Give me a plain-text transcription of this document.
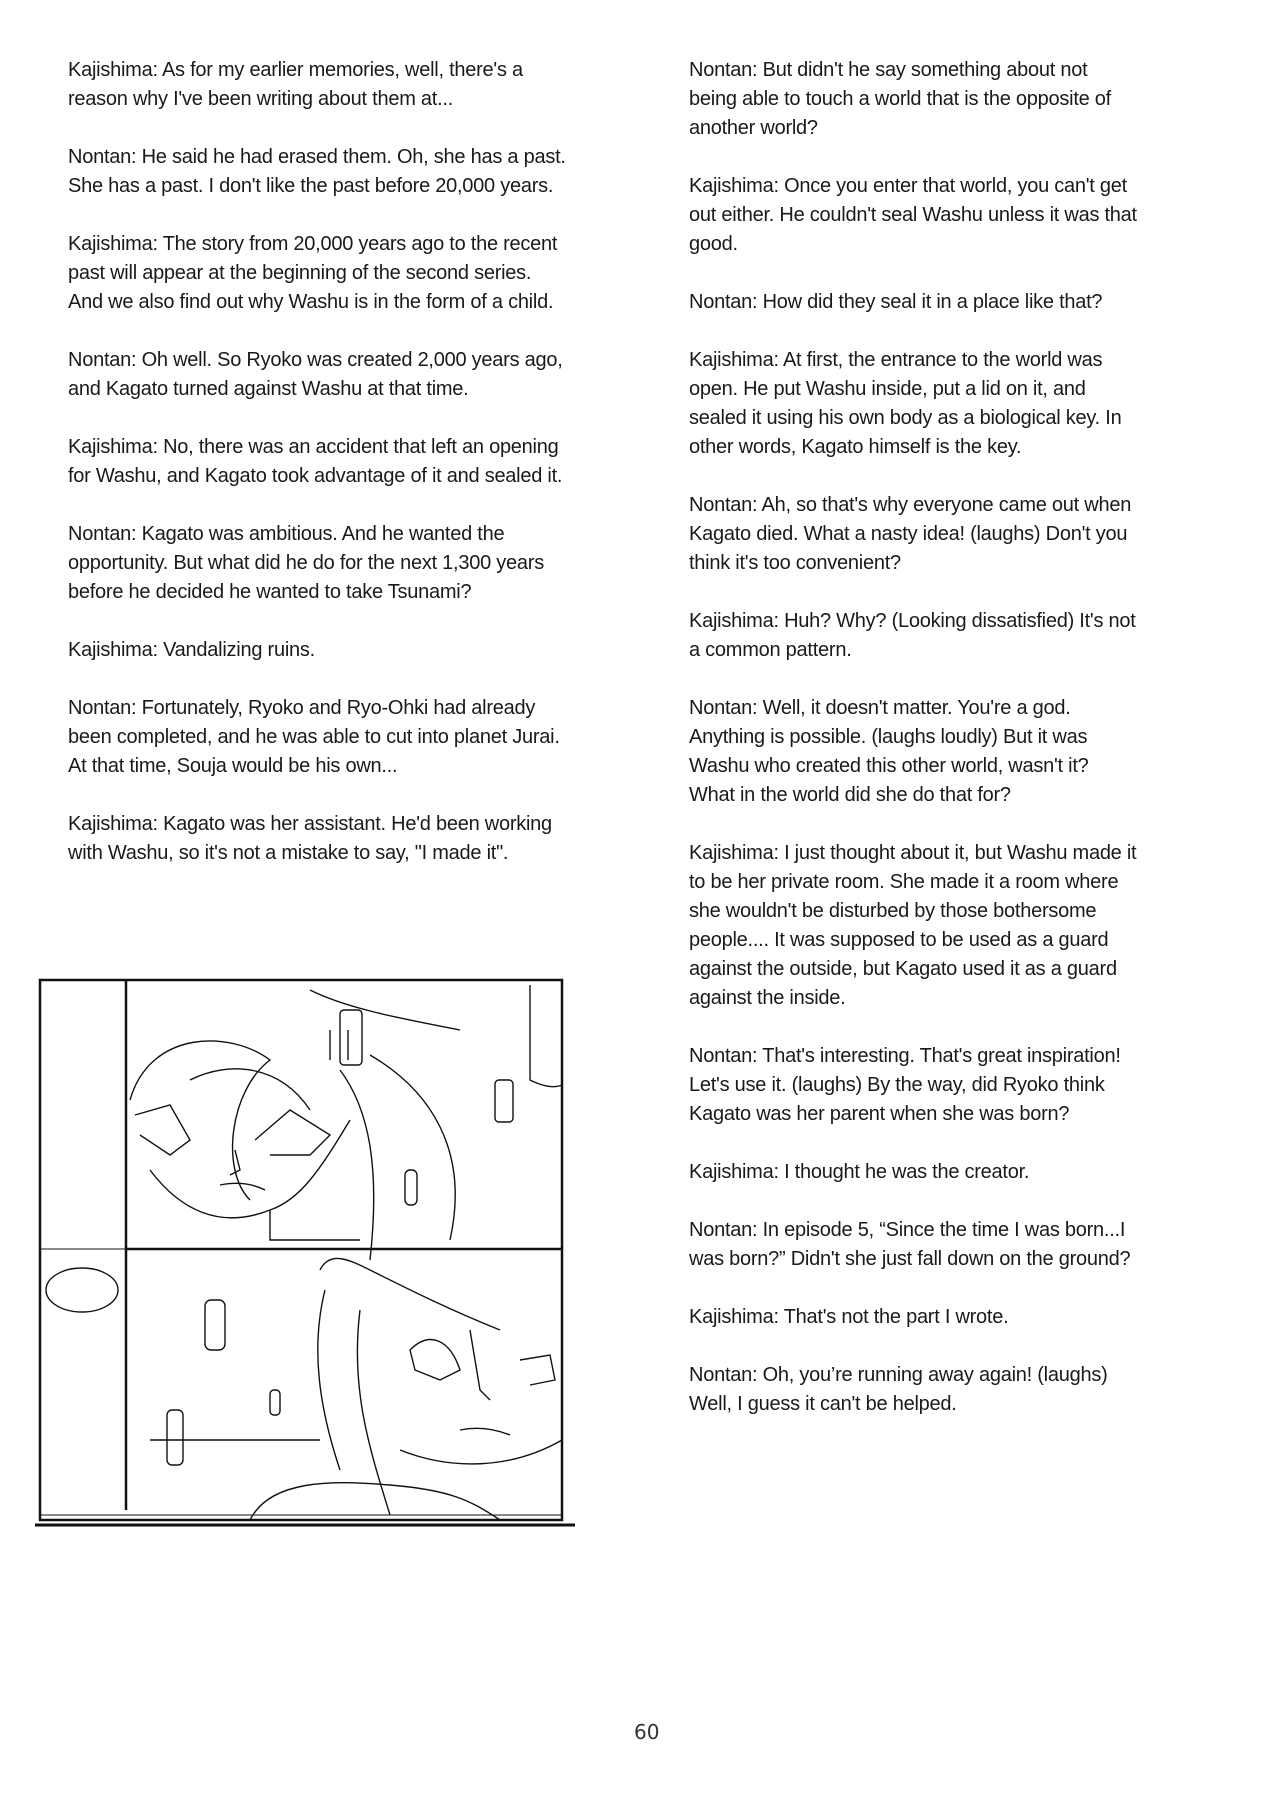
Kajishima: As for my earlier memories, well, there's a
reason why I've been writing about them at...
Nontan: He said he had erased them. Oh, she has a past.
She has a past. I don't like the past before 20,000 years.
Kajishima: The story from 20,000 years ago to the recent
past will appear at the beginning of the second series.
And we also find out why Washu is in the form of a child.
Nontan: Oh well. So Ryoko was created 2,000 years ago,
and Kagato turned against Washu at that time.
Kajishima: No, there was an accident that left an opening
for Washu, and Kagato took advantage of it and sealed it.
Nontan: Kagato was ambitious. And he wanted the
opportunity. But what did he do for the next 1,300 years
before he decided he wanted to take Tsunami?
Kajishima: Vandalizing ruins.
Nontan: Fortunately, Ryoko and Ryo-Ohki had already
been completed, and he was able to cut into planet Jurai.
At that time, Souja would be his own...
Kajishima: Kagato was her assistant. He'd been working
with Washu, so it's not a mistake to say, "I made it".
Nontan: But didn't he say something about not
being able to touch a world that is the opposite of
another world?
Kajishima: Once you enter that world, you can't get
out either. He couldn't seal Washu unless it was that
good.
Nontan: How did they seal it in a place like that?
Kajishima: At first, the entrance to the world was
open. He put Washu inside, put a lid on it, and
sealed it using his own body as a biological key. In
other words, Kagato himself is the key.
Nontan: Ah, so that's why everyone came out when
Kagato died. What a nasty idea! (laughs) Don't you
think it's too convenient?
Kajishima: Huh? Why? (Looking dissatisfied) It's not
a common pattern.
Nontan: Well, it doesn't matter. You're a god.
Anything is possible. (laughs loudly) But it was
Washu who created this other world, wasn't it?
What in the world did she do that for?
Kajishima: I just thought about it, but Washu made it
to be her private room. She made it a room where
she wouldn't be disturbed by those bothersome
people.... It was supposed to be used as a guard
against the outside, but Kagato used it as a guard
against the inside.
Nontan: That's interesting. That's great inspiration!
Let's use it. (laughs) By the way, did Ryoko think
Kagato was her parent when she was born?
Kajishima: I thought he was the creator.
Nontan: In episode 5, “Since the time I was born...I
was born?” Didn't she just fall down on the ground?
Kajishima: That's not the part I wrote.
Nontan: Oh, you’re running away again! (laughs)
Well, I guess it can't be helped.
60
